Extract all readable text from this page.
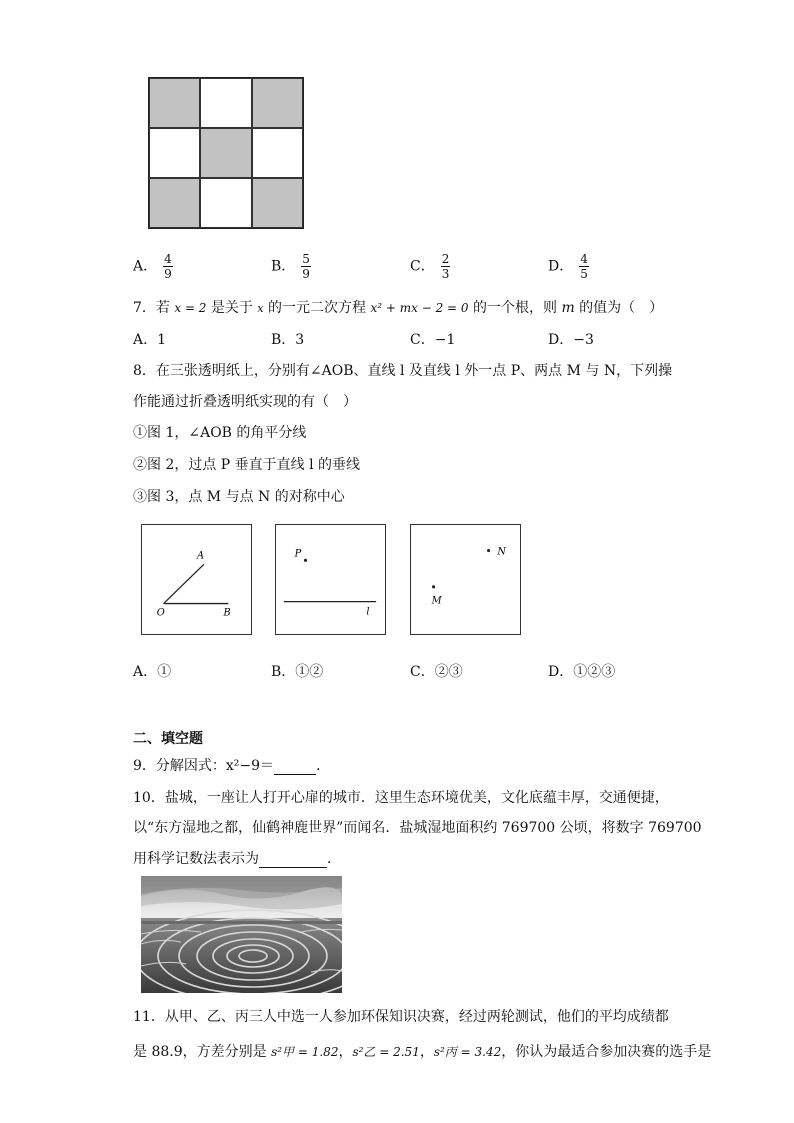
A． $\frac{4}{9}$	B． $\frac{5}{9}$	C． $\frac{2}{3}$	D． $\frac{4}{5}$
7．若 x = 2 是关于 x 的一元二次方程 x² + mx − 2 = 0 的一个根，则 m 的值为（　）
A．1	B．3	C．−1	D．−3
8．在三张透明纸上，分别有∠AOB、直线 l 及直线 l 外一点 P、两点 M 与 N，下列操
作能通过折叠透明纸实现的有（　）
①图 1，∠AOB 的角平分线
②图 2，过点 P 垂直于直线 l 的垂线
③图 3，点 M 与点 N 的对称中心
A
O	B
P
l
N
M
A．①	B．①②	C．②③	D．①②③
二、填空题
9．分解因式：x²−9＝	．
10．盐城，一座让人打开心扉的城市．这里生态环境优美，文化底蕴丰厚，交通便捷，
以“东方湿地之都，仙鹤神鹿世界”而闻名．盐城湿地面积约 769700 公顷，将数字 769700
用科学记数法表示为	．
11．从甲、乙、丙三人中选一人参加环保知识决赛，经过两轮测试，他们的平均成绩都
是 88.9，方差分别是 s²甲 = 1.82，s²乙 = 2.51，s²丙 = 3.42，你认为最适合参加决赛的选手是
